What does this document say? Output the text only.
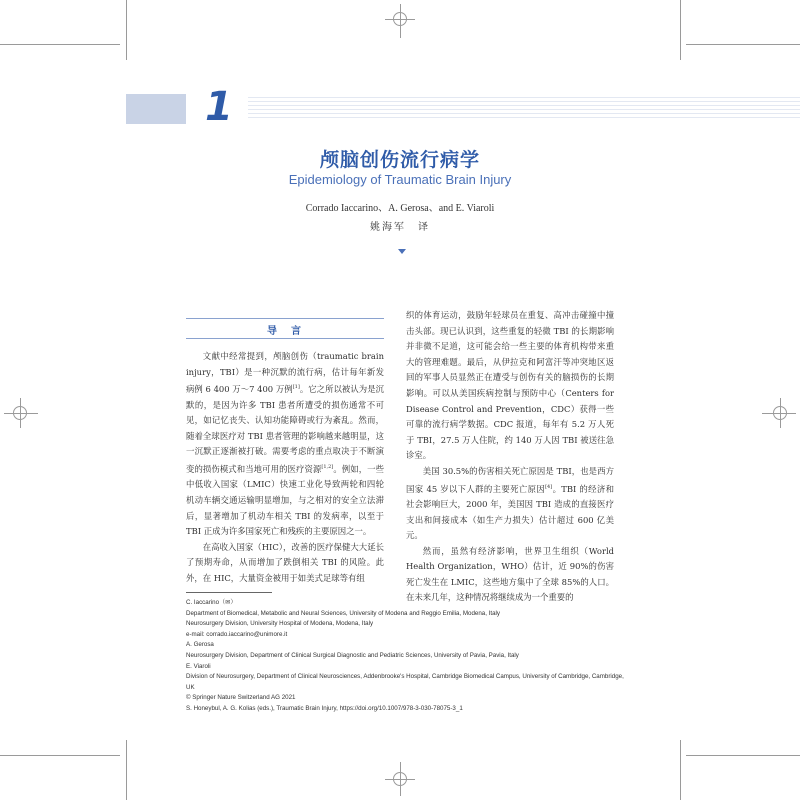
1
颅脑创伤流行病学
Epidemiology of Traumatic Brain Injury
Corrado Iaccarino、A. Gerosa、and E. Viaroli
姚海军　译
导　言

文献中经常提到，颅脑创伤（traumatic brain injury，TBI）是一种沉默的流行病，估计每年新发病例 6 400 万～7 400 万例[1]。它之所以被认为是沉默的，是因为许多 TBI 患者所遭受的损伤通常不可见，如记忆丧失、认知功能障碍或行为紊乱。然而，随着全球医疗对 TBI 患者管理的影响越来越明显，这一沉默正逐渐被打破。需要考虑的重点取决于不断演变的损伤模式和当地可用的医疗资源[1,2]。例如，一些中低收入国家（LMIC）快速工业化导致两轮和四轮机动车辆交通运输明显增加，与之相对的安全立法滞后，显著增加了机动车相关 TBI 的发病率，以至于 TBI 正成为许多国家死亡和残疾的主要原因之一。

在高收入国家（HIC），改善的医疗保健大大延长了预期寿命，从而增加了跌倒相关 TBI 的风险。此外，在 HIC，大量资金被用于如美式足球等有组

织的体育运动，鼓励年轻球员在重复、高冲击碰撞中撞击头部。现已认识到，这些重复的轻微 TBI 的长期影响并非微不足道，这可能会给一些主要的体育机构带来重大的管理难题。最后，从伊拉克和阿富汗等冲突地区返回的军事人员显然正在遭受与创伤有关的脑损伤的长期影响。可以从美国疾病控制与预防中心（Centers for Disease Control and Prevention，CDC）获得一些可靠的流行病学数据。CDC 报道，每年有 5.2 万人死于 TBI，27.5 万人住院，约 140 万人因 TBI 被送往急诊室。

美国 30.5%的伤害相关死亡原因是 TBI，也是西方国家 45 岁以下人群的主要死亡原因[4]。TBI 的经济和社会影响巨大，2000 年，美国因 TBI 造成的直接医疗支出和间接成本（如生产力损失）估计超过 600 亿美元。

然而，虽然有经济影响，世界卫生组织（World Health Organization，WHO）估计，近 90%的伤害死亡发生在 LMIC，这些地方集中了全球 85%的人口。在未来几年，这种情况将继续成为一个重要的

C. Iaccarino（✉）
Department of Biomedical, Metabolic and Neural Sciences, University of Modena and Reggio Emilia, Modena, Italy
Neurosurgery Division, University Hospital of Modena, Modena, Italy
e-mail: corrado.iaccarino@unimore.it
A. Gerosa
Neurosurgery Division, Department of Clinical Surgical Diagnostic and Pediatric Sciences, University of Pavia, Pavia, Italy
E. Viaroli
Division of Neurosurgery, Department of Clinical Neurosciences, Addenbrooke's Hospital, Cambridge Biomedical Campus, University of Cambridge, Cambridge, UK
© Springer Nature Switzerland AG 2021
S. Honeybul, A. G. Kolias (eds.), Traumatic Brain Injury, https://doi.org/10.1007/978-3-030-78075-3_1
